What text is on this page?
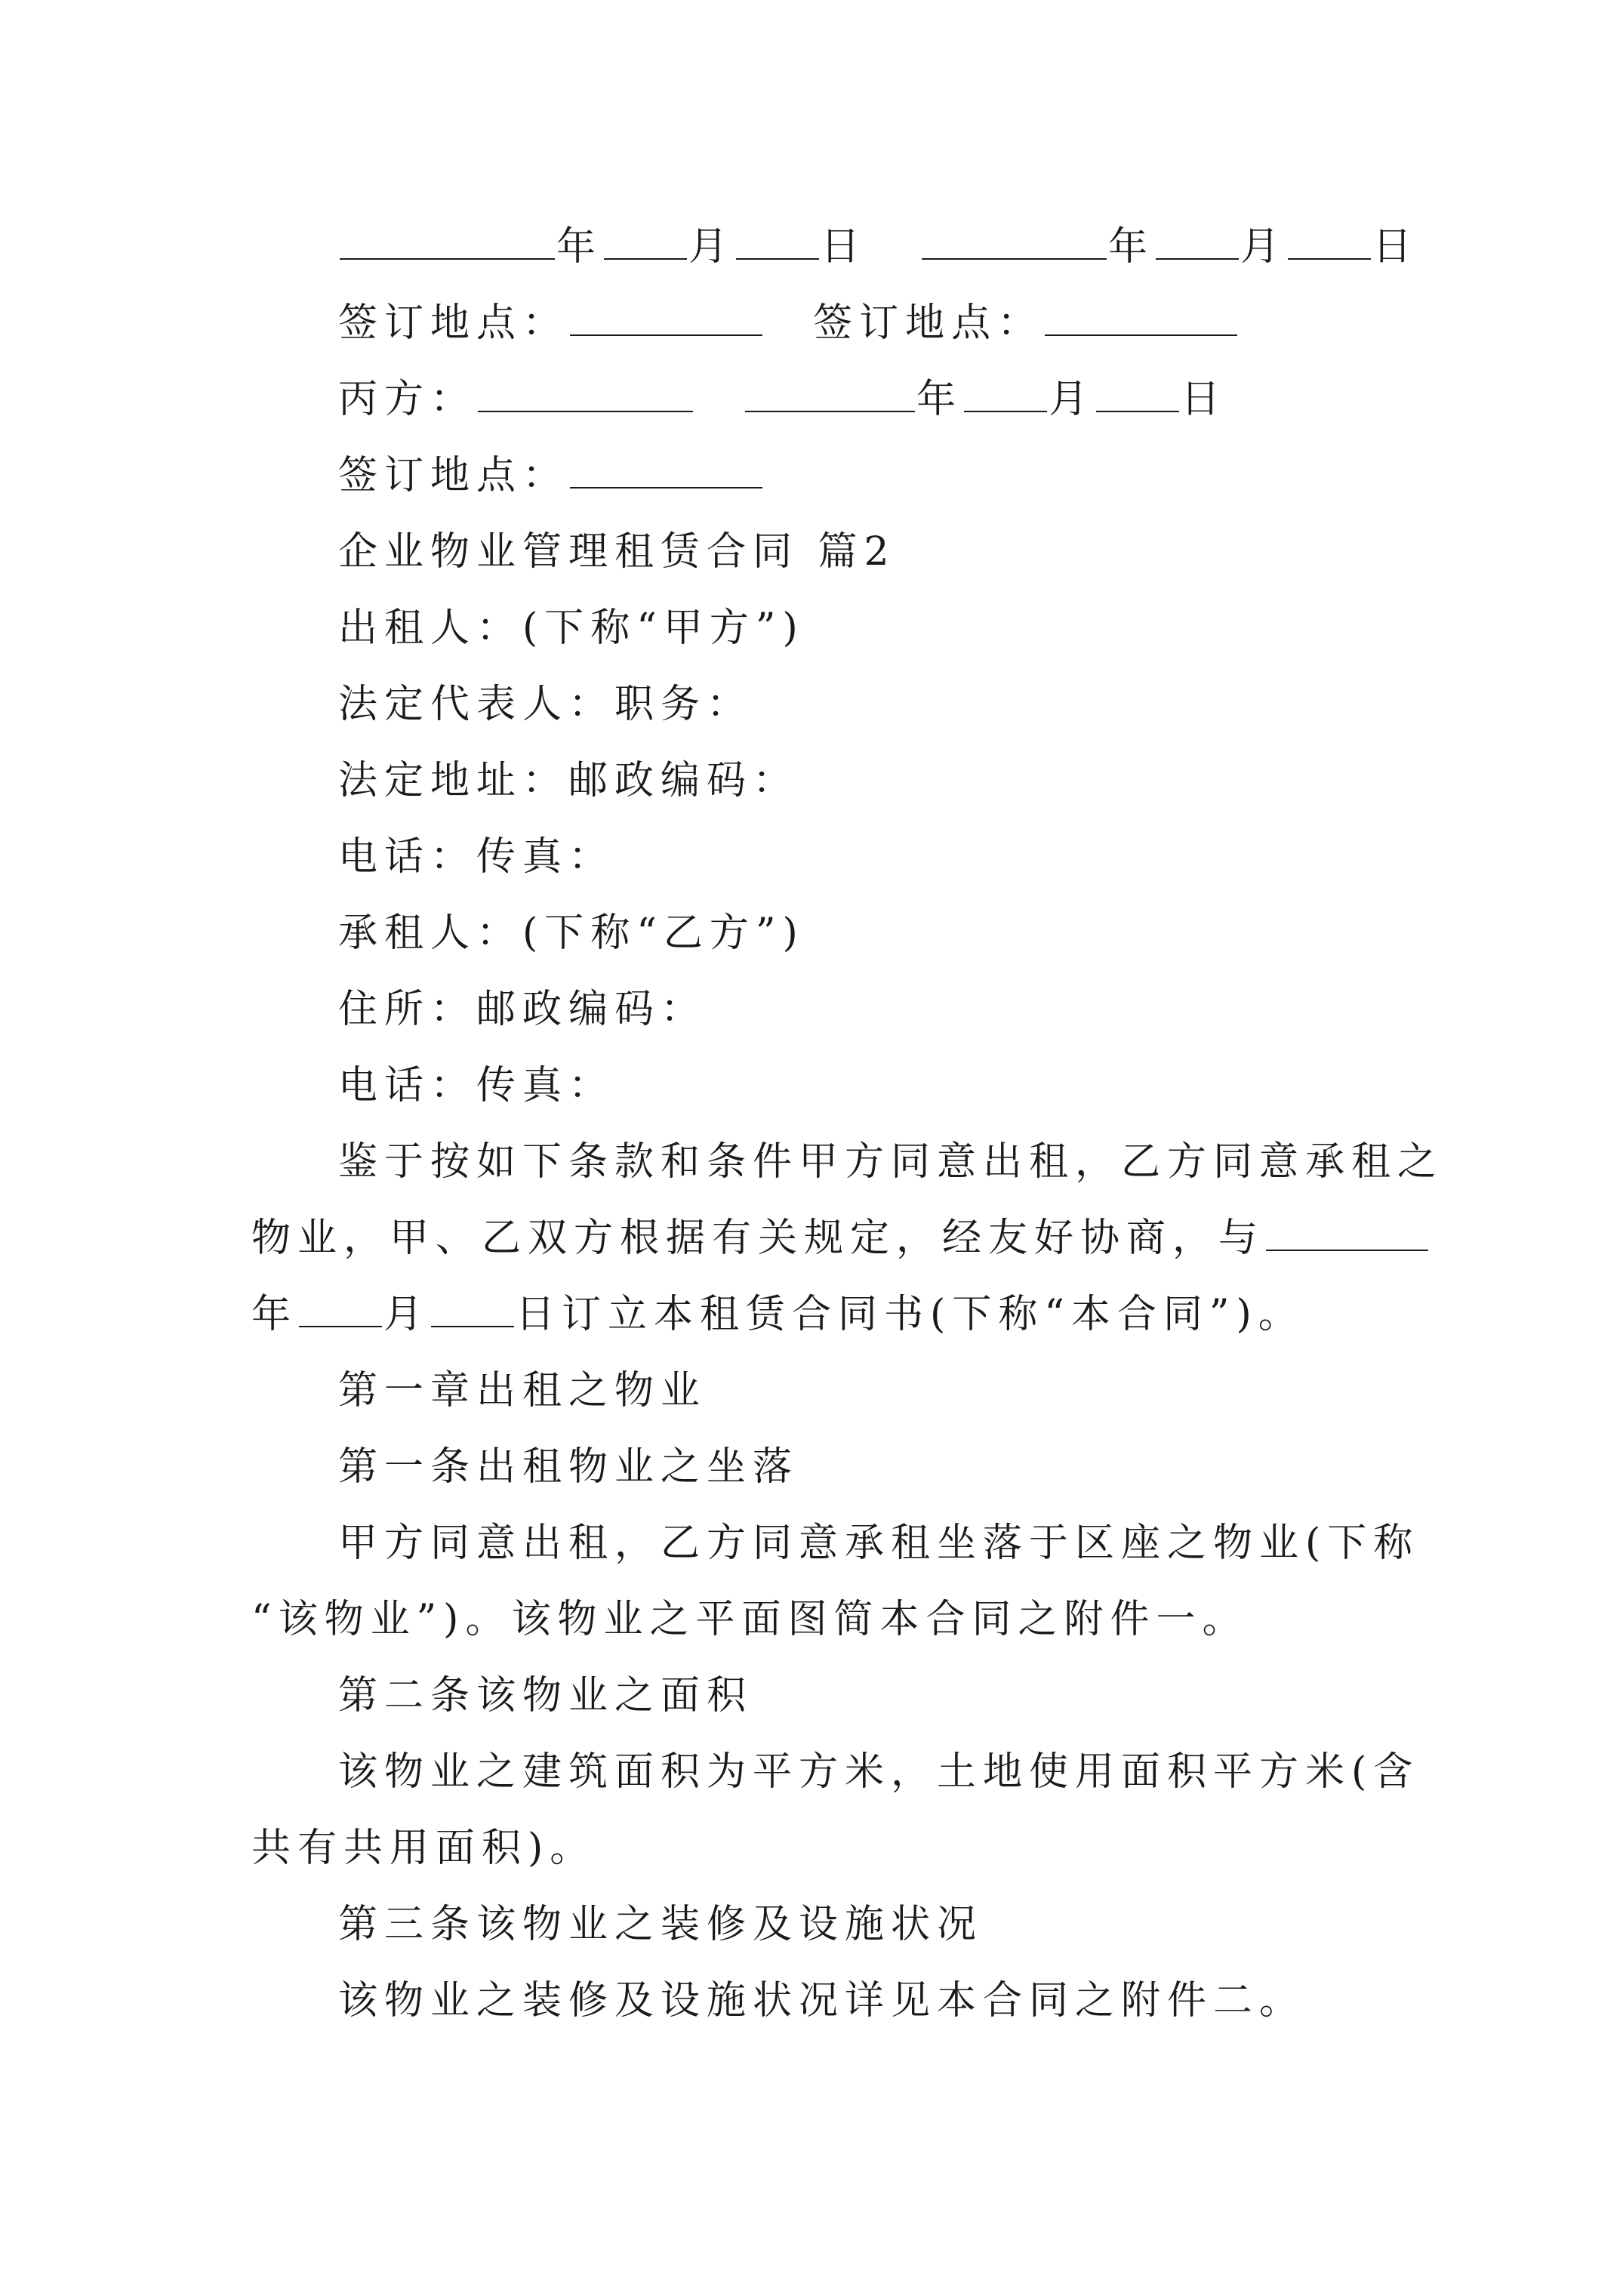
年 月 日	年 月 日
签订地点：	签订地点：
丙方：	年 月 日
签订地点：
企业物业管理租赁合同 篇2
出租人：(下称“甲方”)
法定代表人：职务：
法定地址：邮政编码：
电话：传真：
承租人：(下称“乙方”)
住所：邮政编码：
电话：传真：
鉴于按如下条款和条件甲方同意出租，乙方同意承租之
物业，甲、乙双方根据有关规定，经友好协商，与
年 月 日订立本租赁合同书(下称“本合同”)。
第一章出租之物业
第一条出租物业之坐落
甲方同意出租，乙方同意承租坐落于区座之物业(下称
“该物业”)。该物业之平面图简本合同之附件一。
第二条该物业之面积
该物业之建筑面积为平方米，土地使用面积平方米(含
共有共用面积)。
第三条该物业之装修及设施状况
该物业之装修及设施状况详见本合同之附件二。
